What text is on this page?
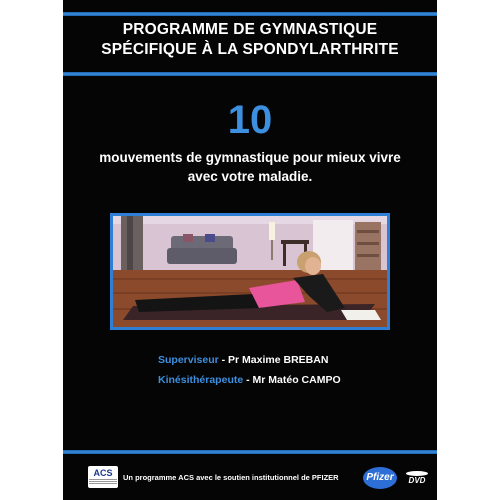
PROGRAMME DE GYMNASTIQUE
SPÉCIFIQUE À LA SPONDYLARTHRITE
10
mouvements de gymnastique pour mieux vivre
avec votre maladie.
Superviseur - Pr Maxime BREBAN
Kinésithérapeute - Mr Matéo CAMPO
ACS	Un programme ACS avec le soutien institutionnel de PFIZER	Pfizer	DVD
